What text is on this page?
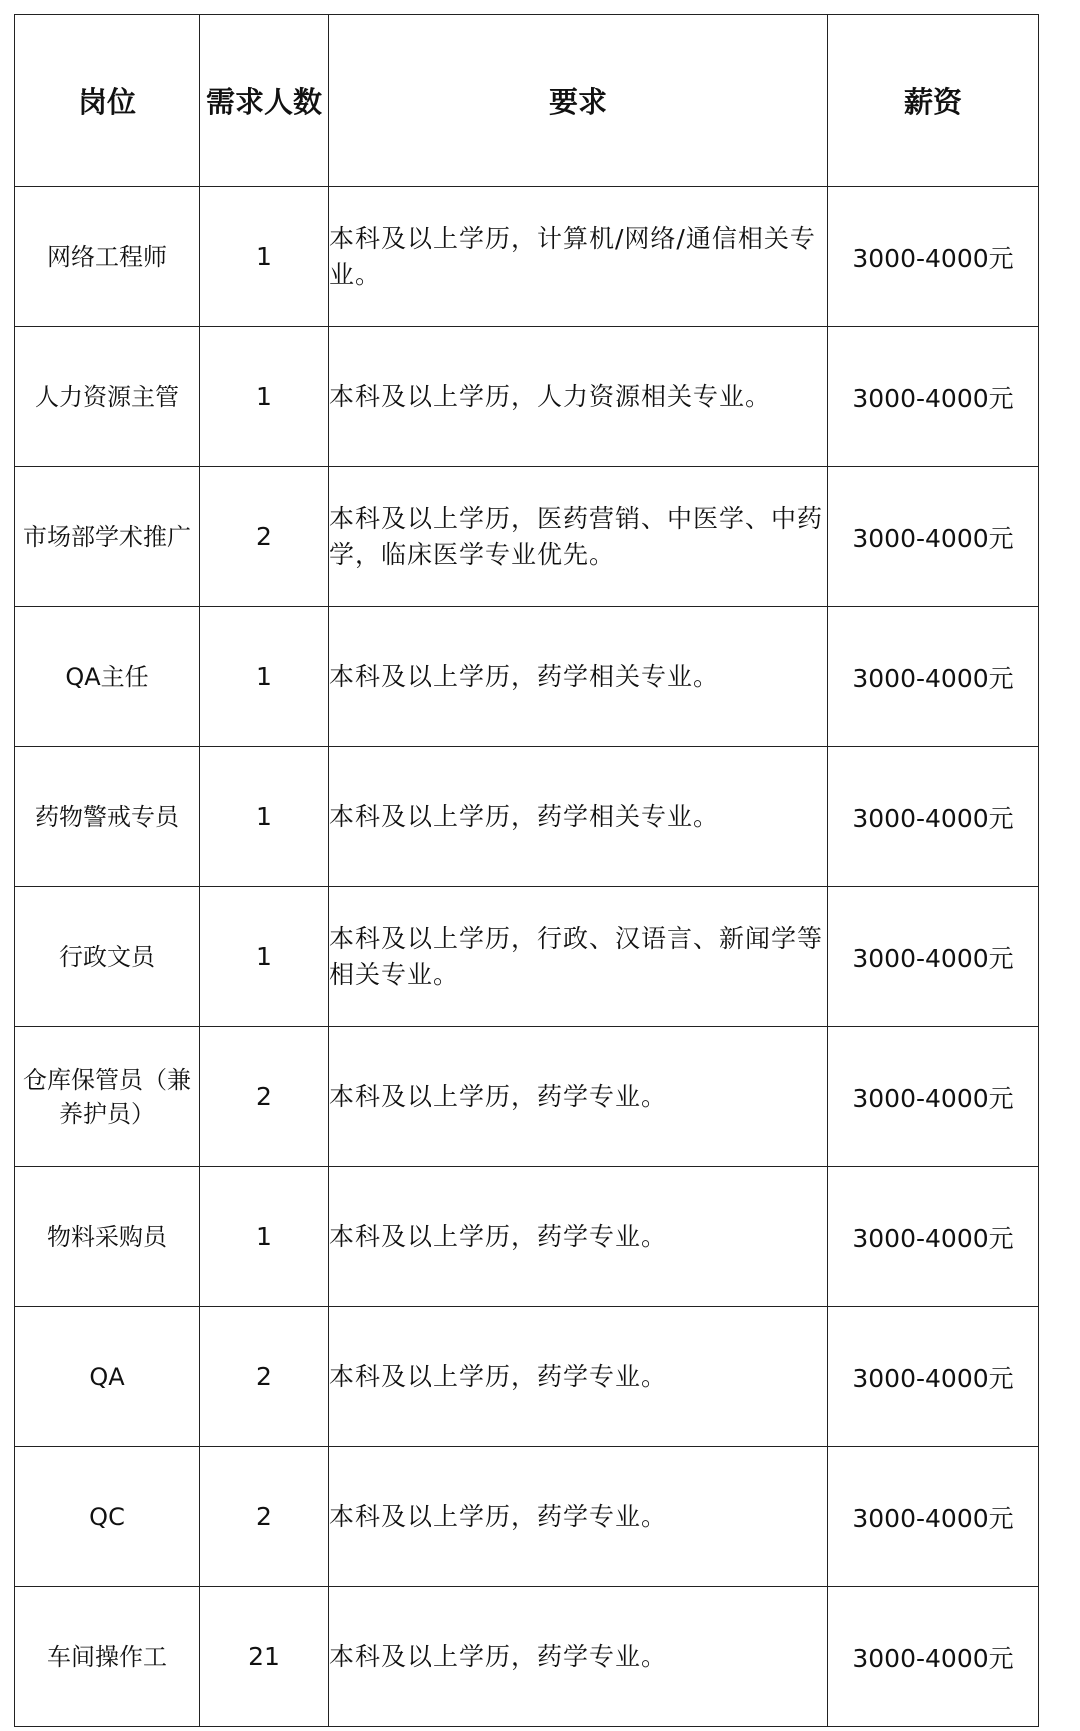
岗位	需求人数	要求	薪资
网络工程师	1	本科及以上学历，计算机/网络/通信相关专业。	3000-4000元
人力资源主管	1	本科及以上学历，人力资源相关专业。	3000-4000元
市场部学术推广	2	本科及以上学历，医药营销、中医学、中药学，临床医学专业优先。	3000-4000元
QA主任	1	本科及以上学历，药学相关专业。	3000-4000元
药物警戒专员	1	本科及以上学历，药学相关专业。	3000-4000元
行政文员	1	本科及以上学历，行政、汉语言、新闻学等相关专业。	3000-4000元
仓库保管员（兼养护员）	2	本科及以上学历，药学专业。	3000-4000元
物料采购员	1	本科及以上学历，药学专业。	3000-4000元
QA	2	本科及以上学历，药学专业。	3000-4000元
QC	2	本科及以上学历，药学专业。	3000-4000元
车间操作工	21	本科及以上学历，药学专业。	3000-4000元
